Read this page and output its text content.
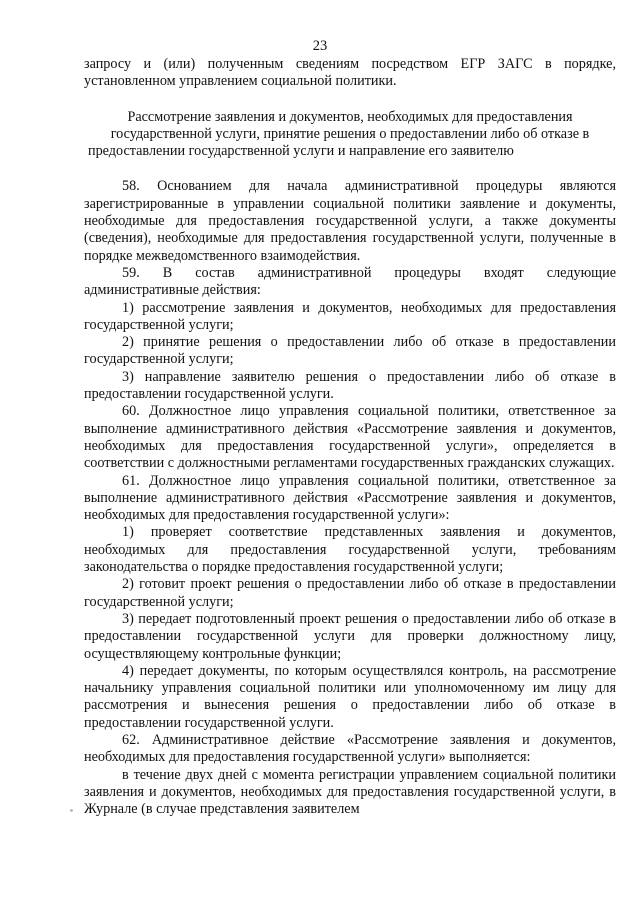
23

запросу и (или) полученным сведениям посредством ЕГР ЗАГС в порядке, установленном управлением социальной политики.

Рассмотрение заявления и документов, необходимых для предоставления государственной услуги, принятие решения о предоставлении либо об отказе в предоставлении государственной услуги и направление его заявителю

58. Основанием для начала административной процедуры являются зарегистрированные в управлении социальной политики заявление и документы, необходимые для предоставления государственной услуги, а также документы (сведения), необходимые для предоставления государственной услуги, полученные в порядке межведомственного взаимодействия.

59. В состав административной процедуры входят следующие административные действия:

1) рассмотрение заявления и документов, необходимых для предоставления государственной услуги;

2) принятие решения о предоставлении либо об отказе в предоставлении государственной услуги;

3) направление заявителю решения о предоставлении либо об отказе в предоставлении государственной услуги.

60. Должностное лицо управления социальной политики, ответственное за выполнение административного действия «Рассмотрение заявления и документов, необходимых для предоставления государственной услуги», определяется в соответствии с должностными регламентами государственных гражданских служащих.

61. Должностное лицо управления социальной политики, ответственное за выполнение административного действия «Рассмотрение заявления и документов, необходимых для предоставления государственной услуги»:

1) проверяет соответствие представленных заявления и документов, необходимых для предоставления государственной услуги, требованиям законодательства о порядке предоставления государственной услуги;

2) готовит проект решения о предоставлении либо об отказе в предоставлении государственной услуги;

3) передает подготовленный проект решения о предоставлении либо об отказе в предоставлении государственной услуги для проверки должностному лицу, осуществляющему контрольные функции;

4) передает документы, по которым осуществлялся контроль, на рассмотрение начальнику управления социальной политики или уполномоченному им лицу для рассмотрения и вынесения решения о предоставлении либо об отказе в предоставлении государственной услуги.

62. Административное действие «Рассмотрение заявления и документов, необходимых для предоставления государственной услуги» выполняется:

в течение двух дней с момента регистрации управлением социальной политики заявления и документов, необходимых для предоставления государственной услуги, в Журнале (в случае представления заявителем
